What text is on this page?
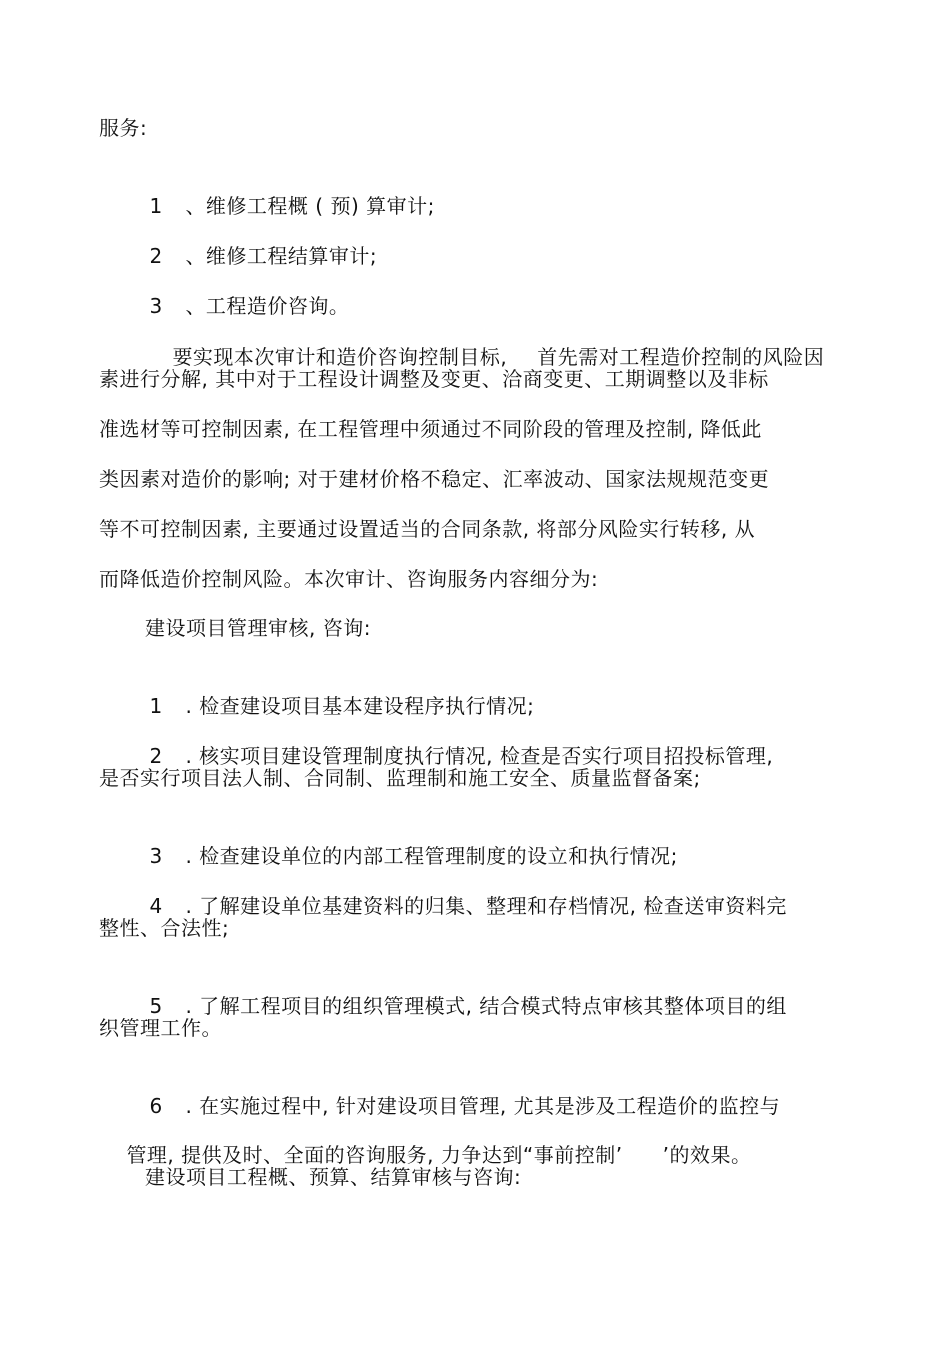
服务:

1 、维修工程概 ( 预) 算审计;

2 、维修工程结算审计;

3 、工程造价咨询。

要实现本次审计和造价咨询控制目标, 首先需对工程造价控制的风险因

素进行分解, 其中对于工程设计调整及变更、洽商变更、工期调整以及非标
准选材等可控制因素, 在工程管理中须通过不同阶段的管理及控制, 降低此
类因素对造价的影响; 对于建材价格不稳定、汇率波动、国家法规规范变更
等不可控制因素, 主要通过设置适当的合同条款, 将部分风险实行转移, 从
而降低造价控制风险。本次审计、咨询服务内容细分为:
建设项目管理审核, 咨询:

1 . 检查建设项目基本建设程序执行情况;

2 . 核实项目建设管理制度执行情况, 检查是否实行项目招投标管理,

是否实行项目法人制、合同制、监理制和施工安全、质量监督备案;

3 . 检查建设单位的内部工程管理制度的设立和执行情况;

4 . 了解建设单位基建资料的归集、整理和存档情况, 检查送审资料完

整性、合法性;

5 . 了解工程项目的组织管理模式, 结合模式特点审核其整体项目的组

织管理工作。

6 . 在实施过程中, 针对建设项目管理, 尤其是涉及工程造价的监控与

管理, 提供及时、全面的咨询服务, 力争达到“事前控制’ ’的效果。

建设项目工程概、预算、结算审核与咨询:
